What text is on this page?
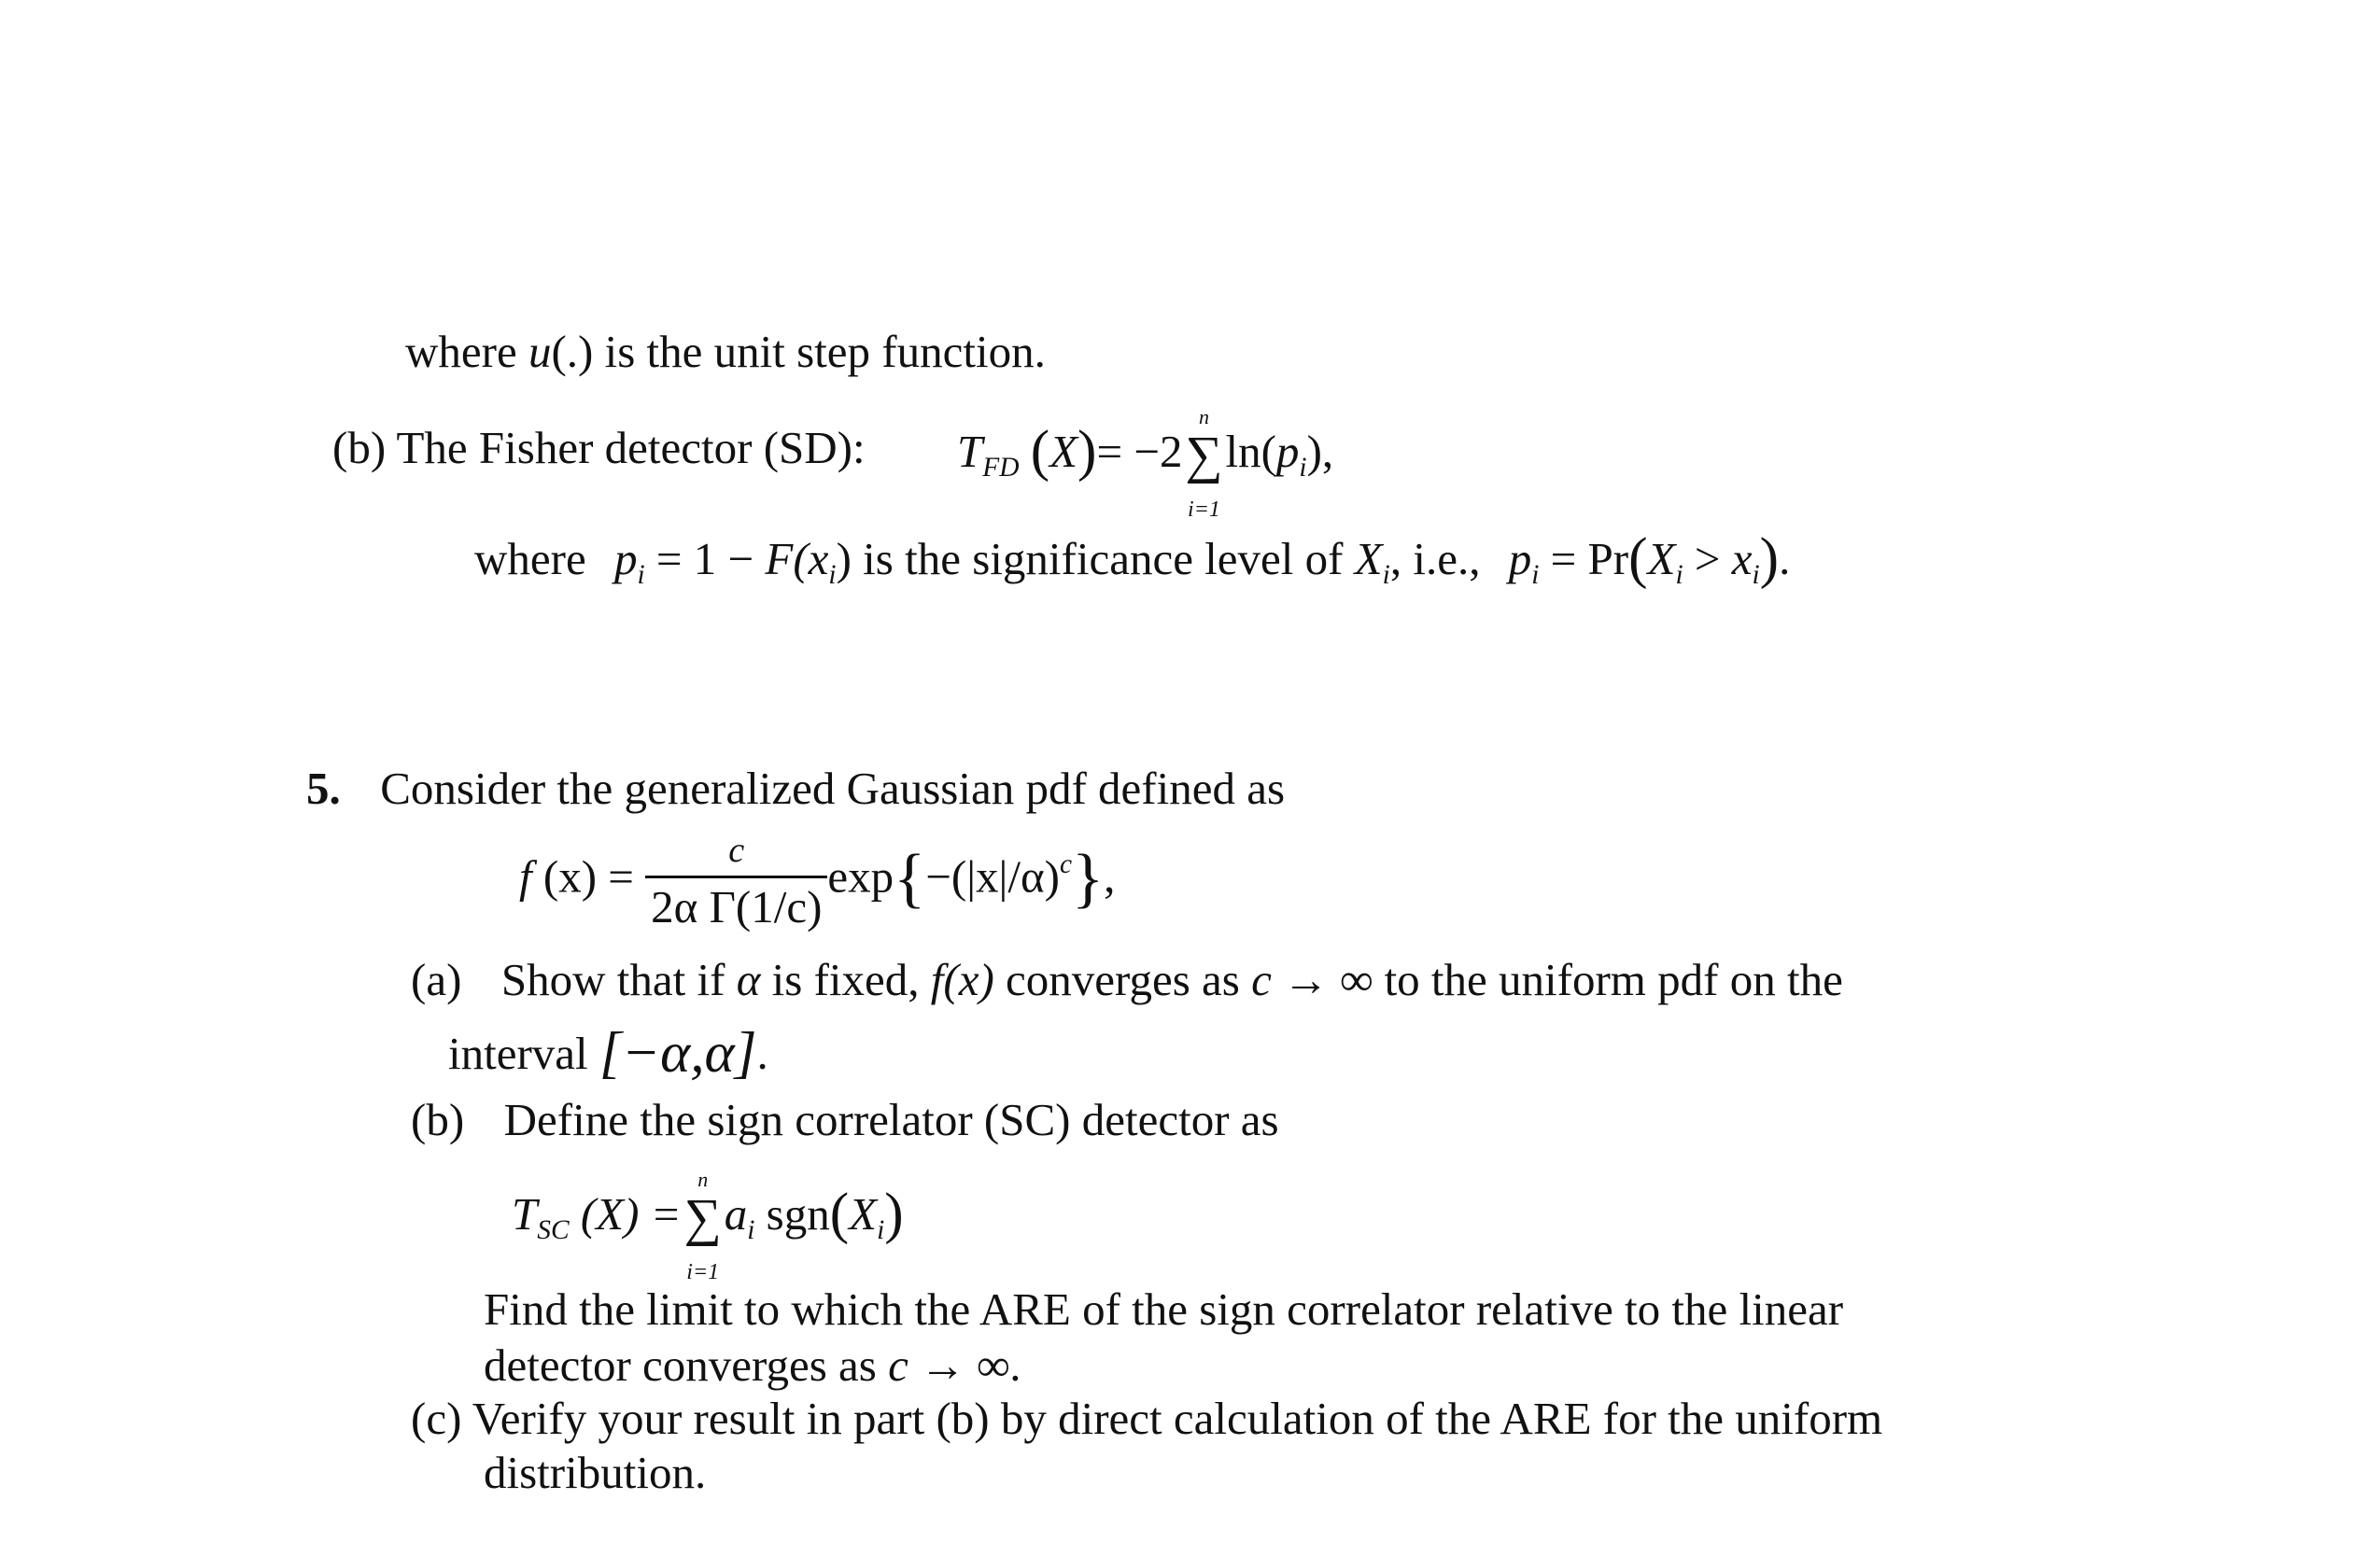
where u(.) is the unit step function.
(b) The Fisher detector (SD): $T_{FD}$ (X)= −2
n
∑
i=1
$\ln(p_i)$,
where $p_i = 1 - F(x_i)$ is the significance level of $X_i$, i.e., $p_i = Pr(X_i > x_i)$.
5. Consider the generalized Gaussian pdf defined as
f $(x) = \frac{c}{\text{2α Γ(1/c)}} \exp\{-(|x|/\alpha)^c\}$,
(a) Show that if α is fixed, f(x) converges as c → ∞ to the uniform pdf on the
interval [−α,α].
(b) Define the sign correlator (SC) detector as
$T_{SC}$ (X) =
n
∑
i=1
$a_i$ $sgn(X_i)$
Find the limit to which the ARE of the sign correlator relative to the linear
detector converges as c → ∞.
(c) Verify your result in part (b) by direct calculation of the ARE for the uniform
distribution.
